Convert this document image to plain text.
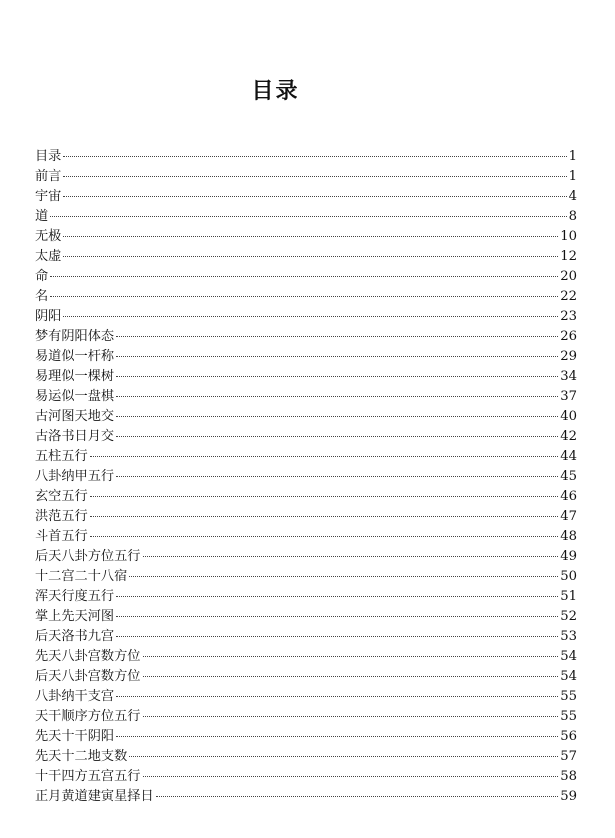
目录
目录	1
前言	1
宇宙	4
道	8
无极	10
太虚	12
命	20
名	22
阴阳	23
梦有阴阳体态	26
易道似一杆称	29
易理似一棵树	34
易运似一盘棋	37
古河图天地交	40
古洛书日月交	42
五柱五行	44
八卦纳甲五行	45
玄空五行	46
洪范五行	47
斗首五行	48
后天八卦方位五行	49
十二宫二十八宿	50
浑天行度五行	51
掌上先天河图	52
后天洛书九宫	53
先天八卦宫数方位	54
后天八卦宫数方位	54
八卦纳干支宫	55
天干顺序方位五行	55
先天十干阴阳	56
先天十二地支数	57
十干四方五宫五行	58
正月黄道建寅星择日	59
